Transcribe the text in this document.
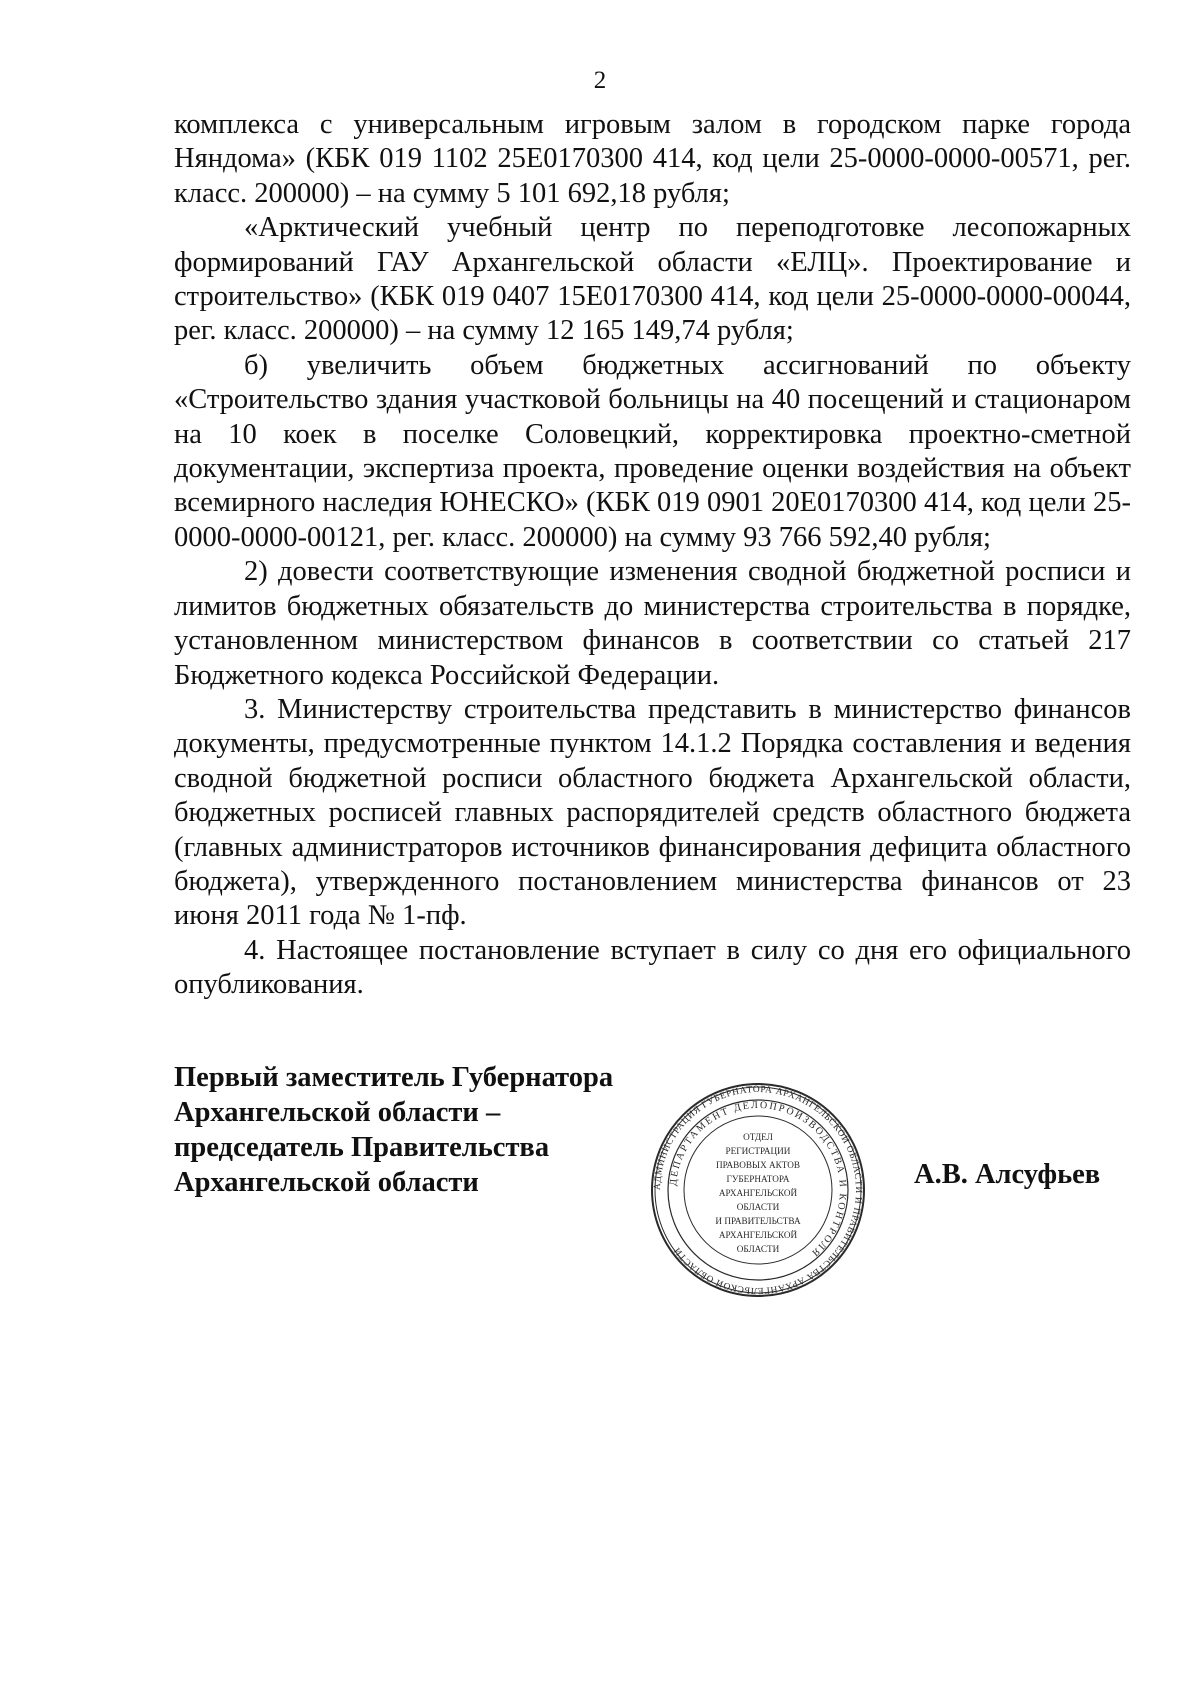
2

комплекса с универсальным игровым залом в городском парке города Няндома» (КБК 019 1102 25Е0170300 414, код цели 25-0000-0000-00571, рег. класс. 200000) – на сумму 5 101 692,18 рубля;

«Арктический учебный центр по переподготовке лесопожарных формирований ГАУ Архангельской области «ЕЛЦ». Проектирование и строительство» (КБК 019 0407 15Е0170300 414, код цели 25-0000-0000-00044, рег. класс. 200000) – на сумму 12 165 149,74 рубля;

б) увеличить объем бюджетных ассигнований по объекту «Строительство здания участковой больницы на 40 посещений и стационаром на 10 коек в поселке Соловецкий, корректировка проектно-сметной документации, экспертиза проекта, проведение оценки воздействия на объект всемирного наследия ЮНЕСКО» (КБК 019 0901 20Е0170300 414, код цели 25-0000-0000-00121, рег. класс. 200000) на сумму 93 766 592,40 рубля;

2) довести соответствующие изменения сводной бюджетной росписи и лимитов бюджетных обязательств до министерства строительства в порядке, установленном министерством финансов в соответствии со статьей 217 Бюджетного кодекса Российской Федерации.

3. Министерству строительства представить в министерство финансов документы, предусмотренные пунктом 14.1.2 Порядка составления и ведения сводной бюджетной росписи областного бюджета Архангельской области, бюджетных росписей главных распорядителей средств областного бюджета (главных администраторов источников финансирования дефицита областного бюджета), утвержденного постановлением министерства финансов от 23 июня 2011 года № 1-пф.

4. Настоящее постановление вступает в силу со дня его официального опубликования.

Первый заместитель Губернатора
Архангельской области –
председатель Правительства
Архангельской области	АДМИНИСТРАЦИЯ ГУБЕРНАТОРА АРХАНГЕЛЬСКОЙ ОБЛАСТИ И ПРАВИТЕЛЬСТВА АРХАНГЕЛЬСКОЙ ОБЛАСТИ
ДЕПАРТАМЕНТ ДЕЛОПРОИЗВОДСТВА И КОНТРОЛЯ
ОТДЕЛ
РЕГИСТРАЦИИ
ПРАВОВЫХ АКТОВ
ГУБЕРНАТОРА
АРХАНГЕЛЬСКОЙ
ОБЛАСТИ
И ПРАВИТЕЛЬСТВА
АРХАНГЕЛЬСКОЙ
ОБЛАСТИ
А.В. Алсуфьев
